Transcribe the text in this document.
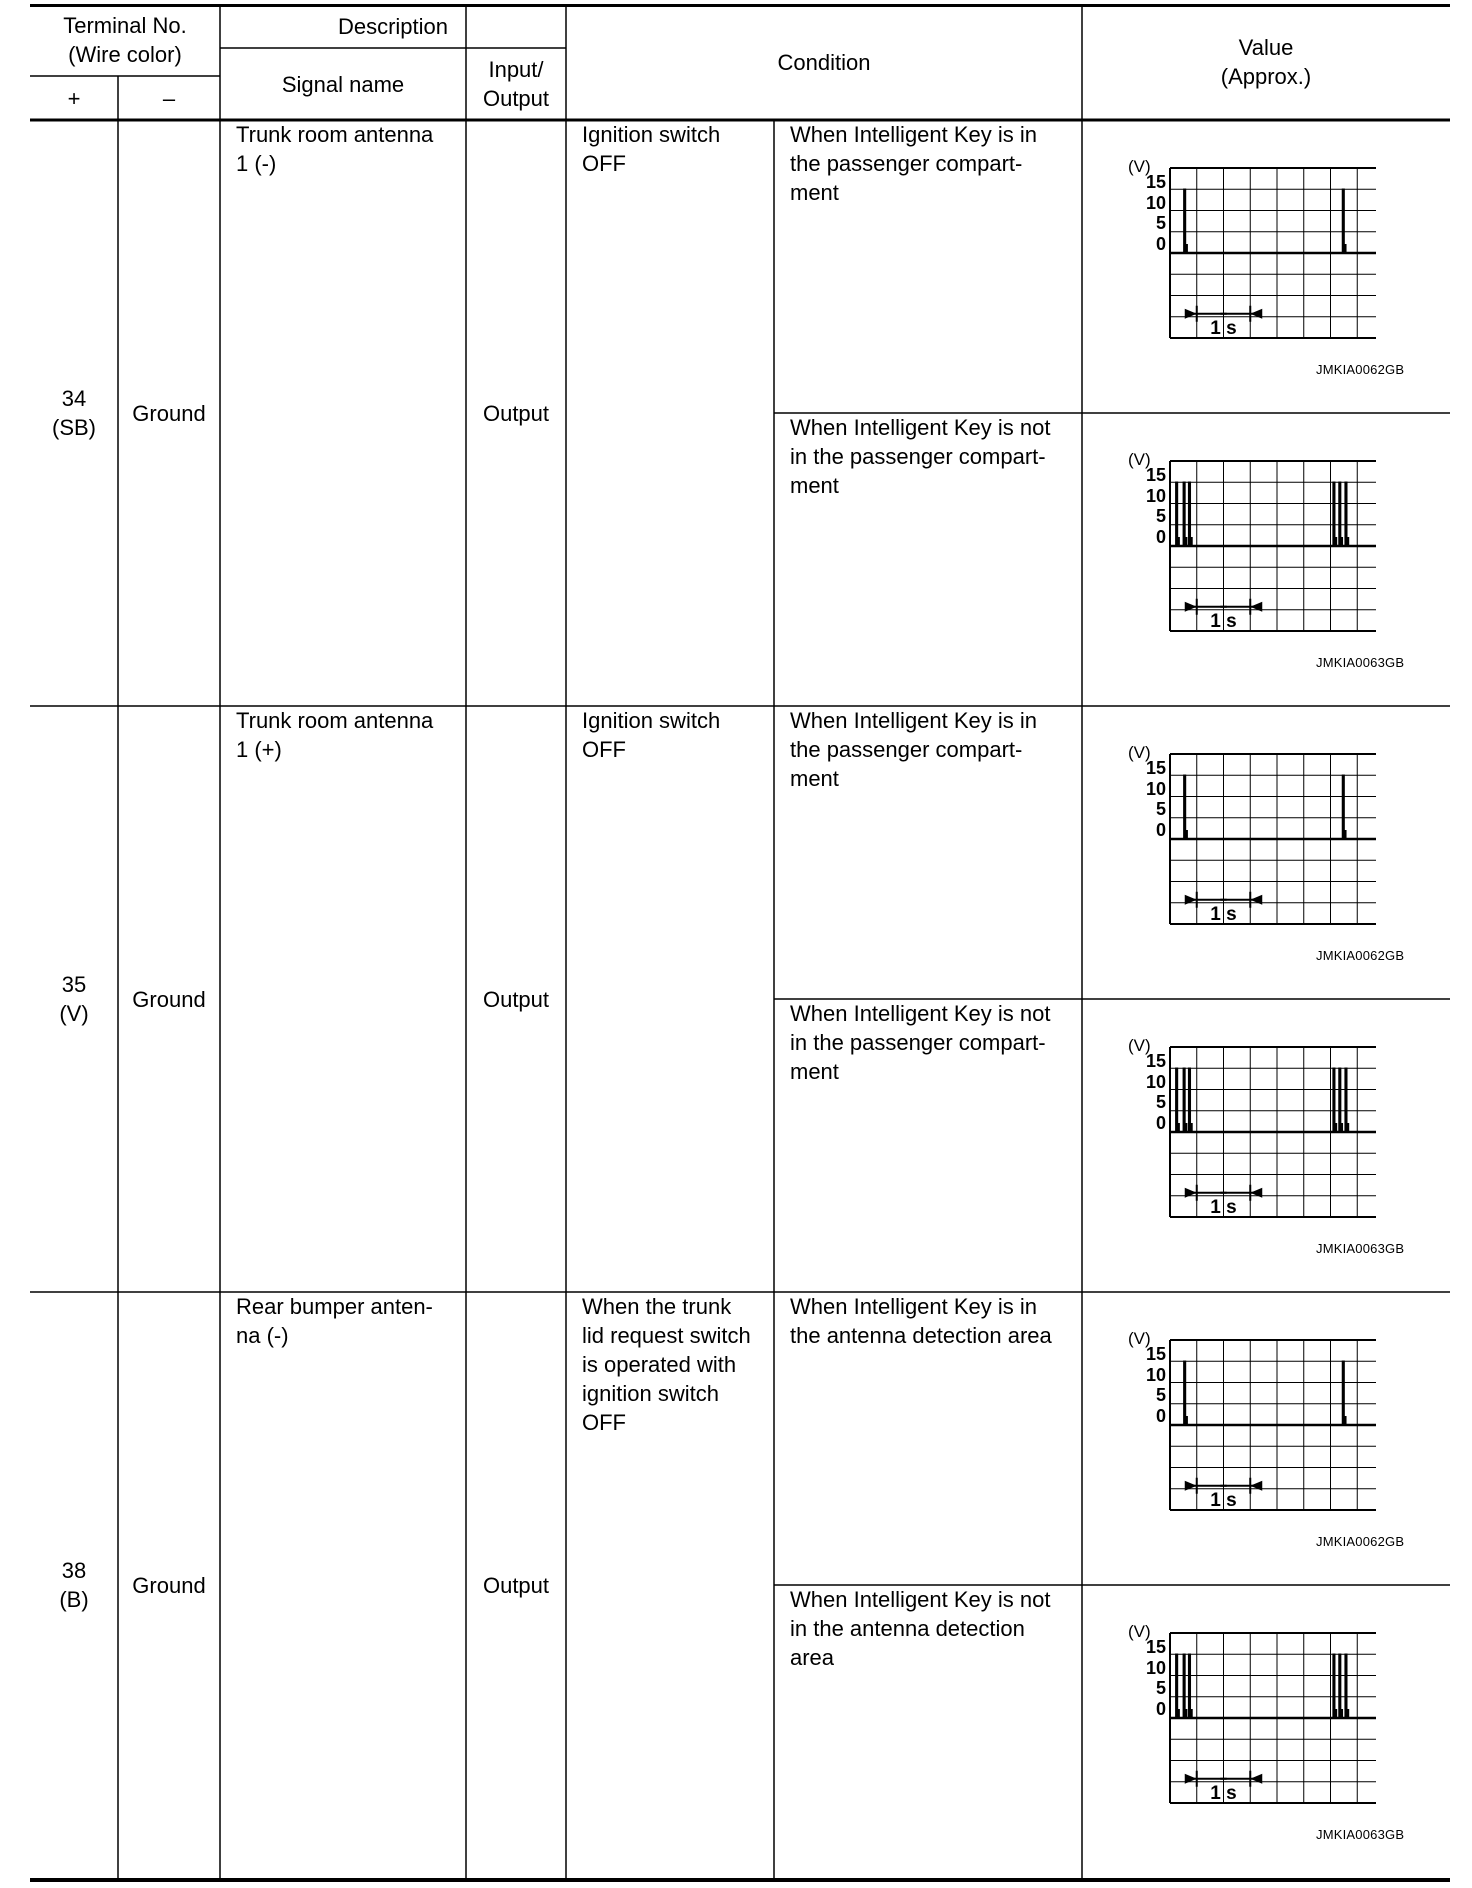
Terminal No.
(Wire color)
+	–
Description
Signal name
Input/
Output
Condition
Value
(Approx.)
34
(SB)
Ground
Trunk room antenna
1 (-)
Output
Ignition switch
OFF
When Intelligent Key is in
the passenger compart-
ment
(V)
15
10
5
0
1 s
JMKIA0062GB
When Intelligent Key is not
in the passenger compart-
ment
(V)
15
10
5
0
1 s
JMKIA0063GB
35
(V)
Ground
Trunk room antenna
1 (+)
Output
Ignition switch
OFF
When Intelligent Key is in
the passenger compart-
ment
(V)
15
10
5
0
1 s
JMKIA0062GB
When Intelligent Key is not
in the passenger compart-
ment
(V)
15
10
5
0
1 s
JMKIA0063GB
38
(B)
Ground
Rear bumper anten-
na (-)
Output
When the trunk
lid request switch
is operated with
ignition switch
OFF
When Intelligent Key is in
the antenna detection area	(V)
15
10
5
0
1 s
JMKIA0062GB
When Intelligent Key is not
in the antenna detection
area
(V)
15
10
5
0
1 s
JMKIA0063GB
